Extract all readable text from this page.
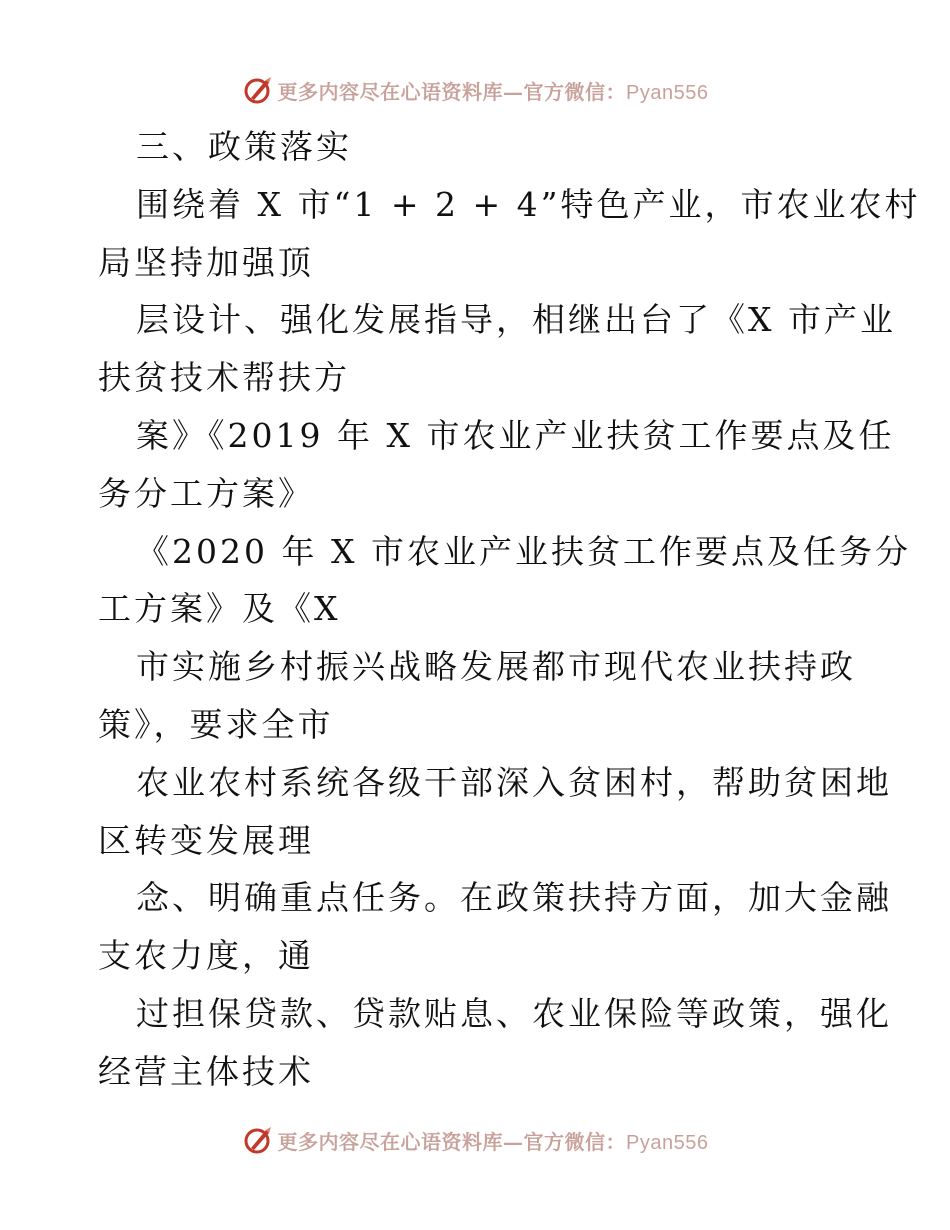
更多内容尽在心语资料库—官方微信：Pyan556
三、政策落实
围绕着 X 市“1 + 2 + 4”特色产业，市农业农村
局坚持加强顶
层设计、强化发展指导，相继出台了《X 市产业
扶贫技术帮扶方
案》《2019 年 X 市农业产业扶贫工作要点及任
务分工方案》
《2020 年 X 市农业产业扶贫工作要点及任务分
工方案》及《X
市实施乡村振兴战略发展都市现代农业扶持政
策》，要求全市
农业农村系统各级干部深入贫困村，帮助贫困地
区转变发展理
念、明确重点任务。在政策扶持方面，加大金融
支农力度，通
过担保贷款、贷款贴息、农业保险等政策，强化
经营主体技术
更多内容尽在心语资料库—官方微信：Pyan556
